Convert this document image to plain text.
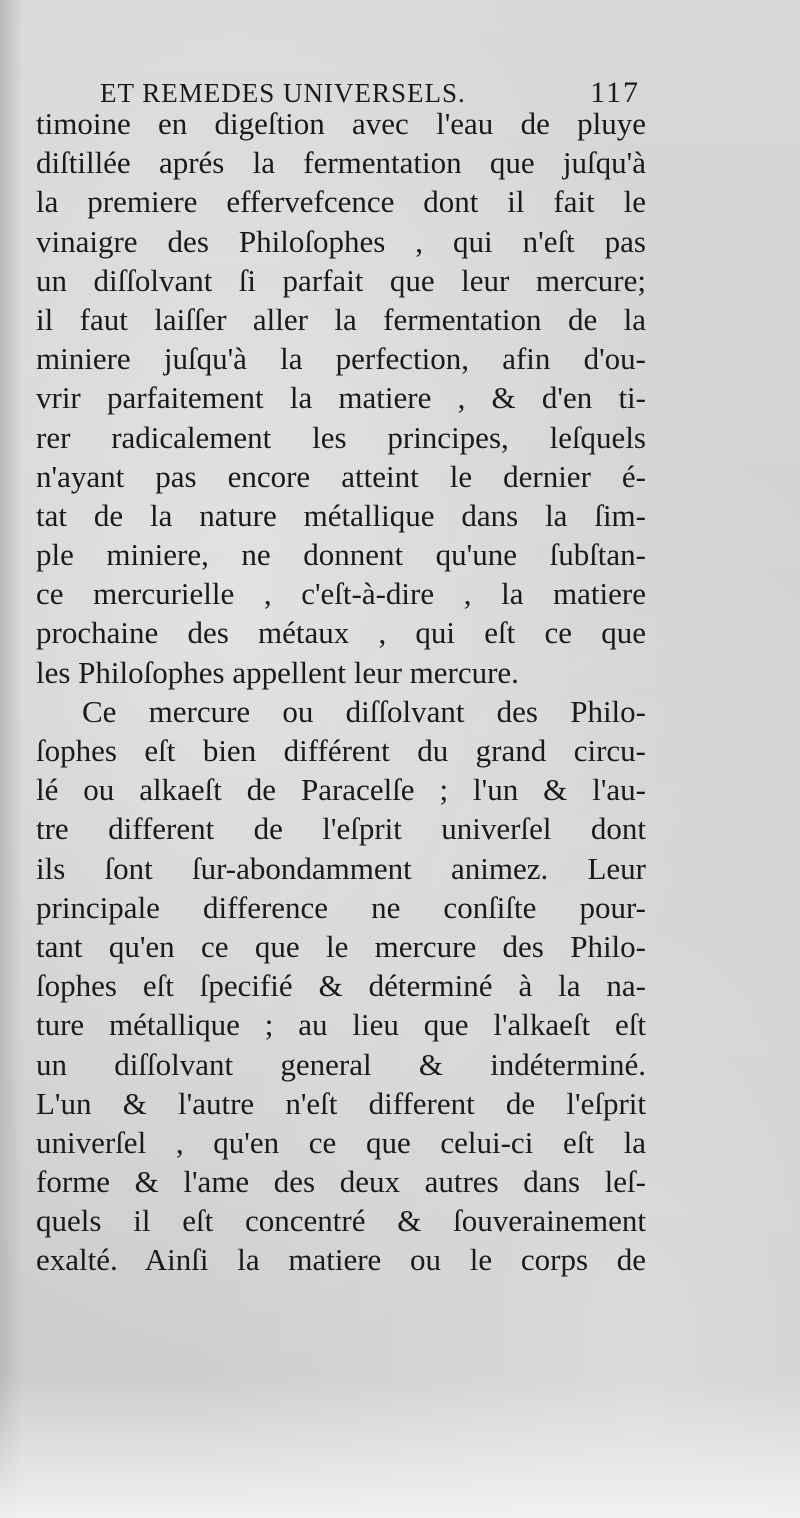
ET REMEDES UNIVERSELS.	117
timoine en digeſtion avec l'eau de pluye
diſtillée aprés la fermentation que juſqu'à
la premiere effervefcence dont il fait le
vinaigre des Philoſophes , qui n'eſt pas
un diſſolvant ſi parfait que leur mercure;
il faut laiſſer aller la fermentation de la
miniere juſqu'à la perfection, afin d'ou-
vrir parfaitement la matiere , & d'en ti-
rer radicalement les principes, leſquels
n'ayant pas encore atteint le dernier é-
tat de la nature métallique dans la ſim-
ple miniere, ne donnent qu'une ſubſtan-
ce mercurielle , c'eſt-à-dire , la matiere
prochaine des métaux , qui eſt ce que
les Philoſophes appellent leur mercure.
Ce mercure ou diſſolvant des Philo-
ſophes eſt bien différent du grand circu-
lé ou alkaeſt de Paracelſe ; l'un & l'au-
tre different de l'eſprit univerſel dont
ils ſont ſur-abondamment animez. Leur
principale difference ne conſiſte pour-
tant qu'en ce que le mercure des Philo-
ſophes eſt ſpecifié & déterminé à la na-
ture métallique ; au lieu que l'alkaeſt eſt
un diſſolvant general & indéterminé.
L'un & l'autre n'eſt different de l'eſprit
univerſel , qu'en ce que celui-ci eſt la
forme & l'ame des deux autres dans leſ-
quels il eſt concentré & ſouverainement
exalté. Ainſi la matiere ou le corps de
